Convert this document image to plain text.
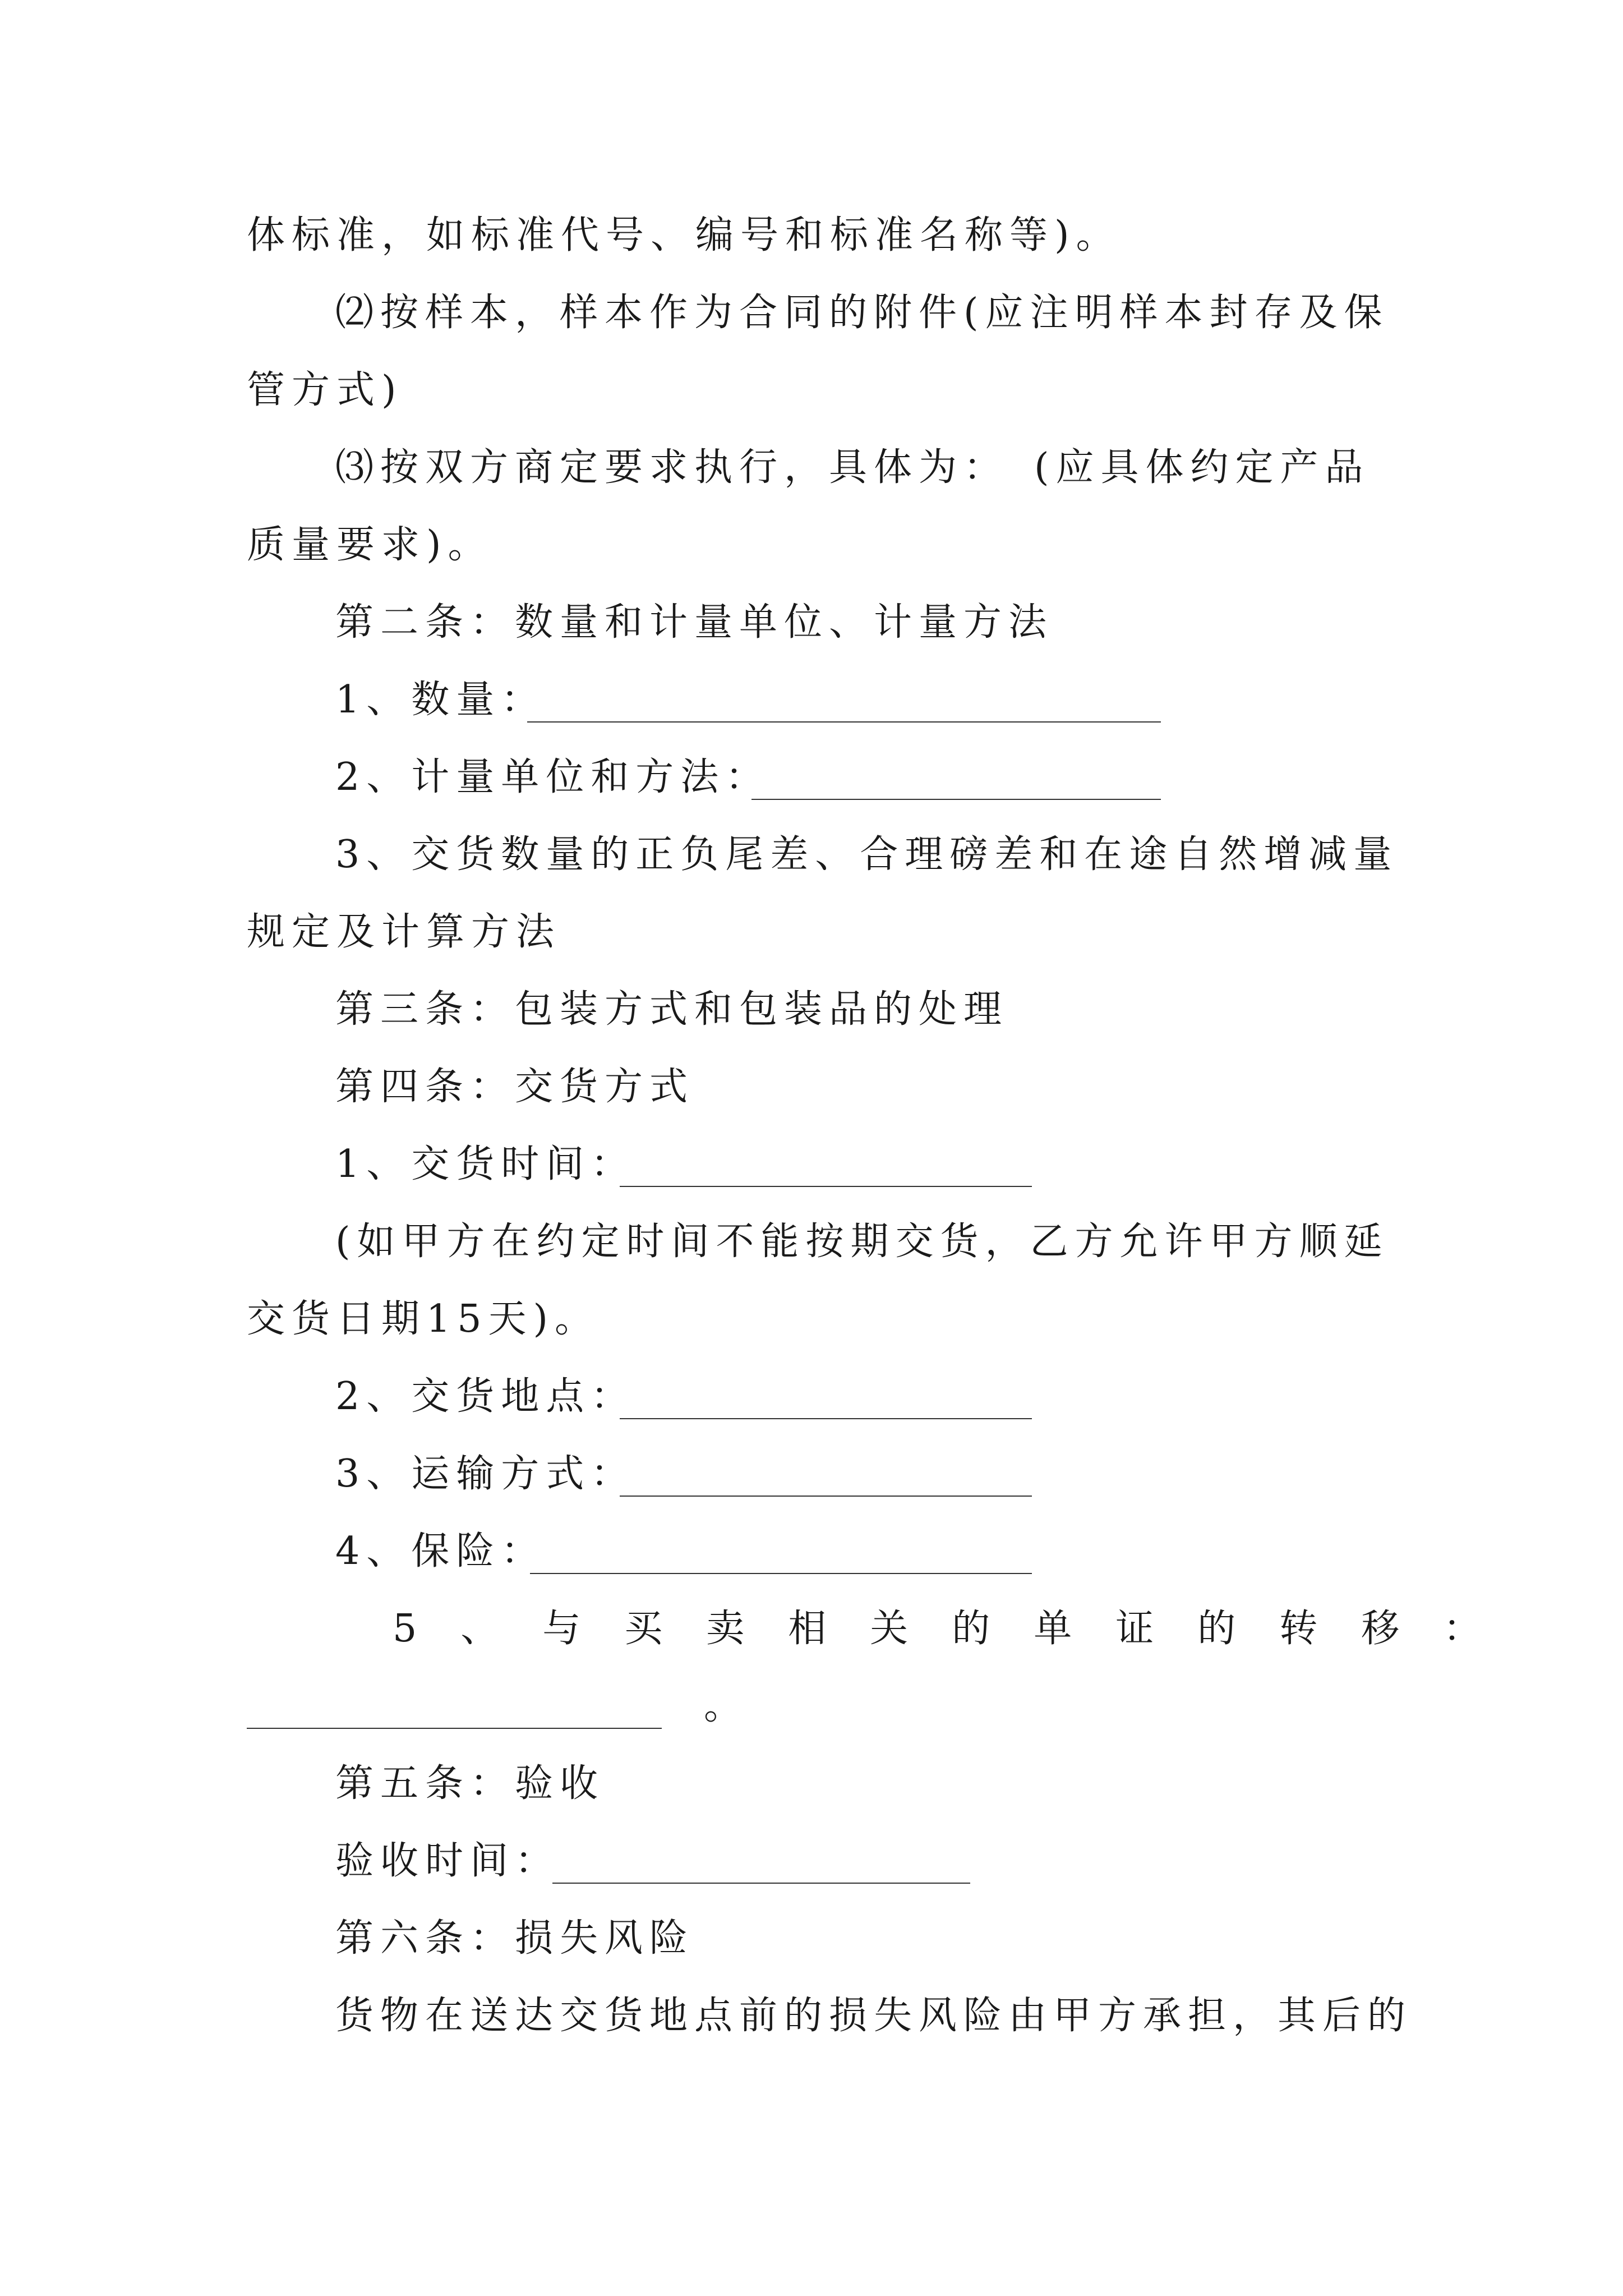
体标准，如标准代号、编号和标准名称等)。
⑵按样本，样本作为合同的附件(应注明样本封存及保
管方式)
⑶按双方商定要求执行，具体为：　(应具体约定产品
质量要求)。
第二条：数量和计量单位、计量方法
1、数量：
2、计量单位和方法：
3、交货数量的正负尾差、合理磅差和在途自然增减量
规定及计算方法
第三条：包装方式和包装品的处理
第四条：交货方式
1、交货时间：
(如甲方在约定时间不能按期交货，乙方允许甲方顺延
交货日期15天)。
2、交货地点：
3、运输方式：
4、保险：
5、与买卖相关的单证的转移：
。
第五条：验收
验收时间：
第六条：损失风险
货物在送达交货地点前的损失风险由甲方承担，其后的
